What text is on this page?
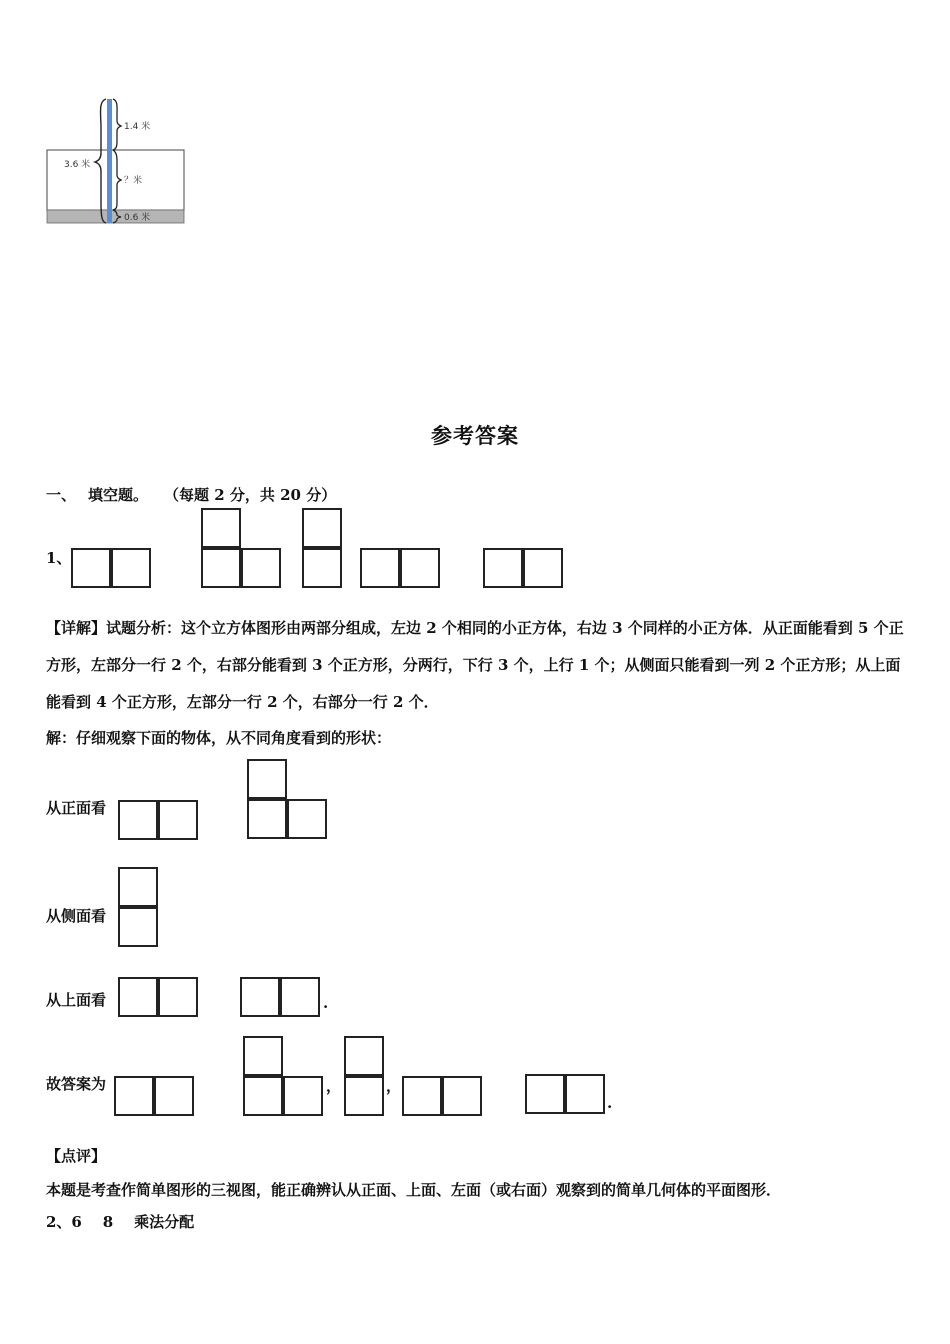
3.6 米
1.4 米
？米
0.6 米
参考答案
一、 填空题。 （每题 2 分，共 20 分）
1、
【详解】试题分析：这个立方体图形由两部分组成，左边 2 个相同的小正方体，右边 3 个同样的小正方体．从正面能看到 5 个正方形，左部分一行 2 个，右部分能看到 3 个正方形，分两行，下行 3 个，上行 1 个；从侧面只能看到一列 2 个正方形；从上面能看到 4 个正方形，左部分一行 2 个，右部分一行 2 个．
解：仔细观察下面的物体，从不同角度看到的形状：
从正面看
从侧面看
从上面看	.
故答案为	，	，
.
【点评】
本题是考查作简单图形的三视图，能正确辨认从正面、上面、左面（或右面）观察到的简单几何体的平面图形．
2、6    8    乘法分配
